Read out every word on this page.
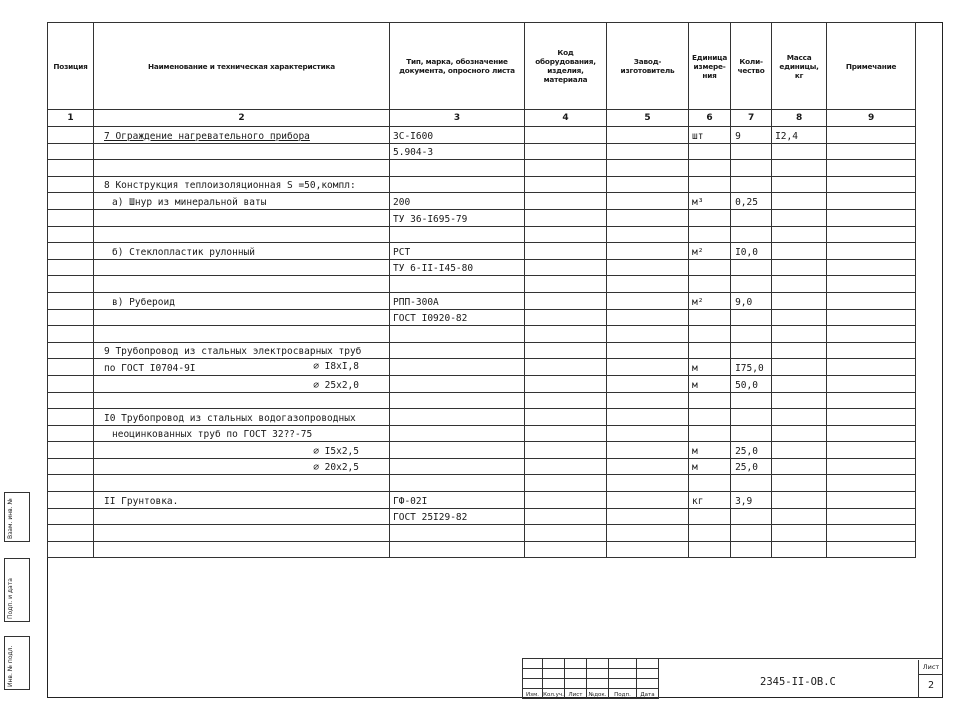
Позиция	Наименование и техническая характеристика	Тип, марка, обозначение документа, опросного листа	Код оборудования, изделия, материала	Завод-изготовитель	Единица измере-ния	Коли-чество	Масса единицы, кг	Примечание
1	2	3	4	5	6	7	8	9
	7 Ограждение нагревательного прибора	ЗС-I600			шт	9	I2,4	
		5.904-3						

	8 Конструкция теплоизоляционная S =50,компл:							
	а) Шнур из минеральной ваты	200			м³	0,25		
		ТУ 36-I695-79						

	б) Стеклопластик рулонный	РСТ			м²	I0,0		
		ТУ 6-II-I45-80						

	в) Рубероид	РПП-300А			м²	9,0		
		ГОСТ I0920-82						

	9 Трубопровод из стальных электросварных труб							
	по ГОСТ I0704-9I ⌀ I8xI,8				м	I75,0		
	⌀ 25x2,0				м	50,0		

	I0 Трубопровод из стальных водогазопроводных							
	неоцинкованных труб по ГОСТ 32??-75							
	⌀ I5x2,5				м	25,0		
	⌀ 20x2,5				м	25,0		

	II Грунтовка.	ГФ-02I			кг	3,9		
		ГОСТ 25I29-82						

Взам. инв. №
Подп. и дата
Инв. № подл.

Изм.	Кол.уч.	Лист	№док.	Подп.	Дата
2345-II-ОВ.С
Лист
2
